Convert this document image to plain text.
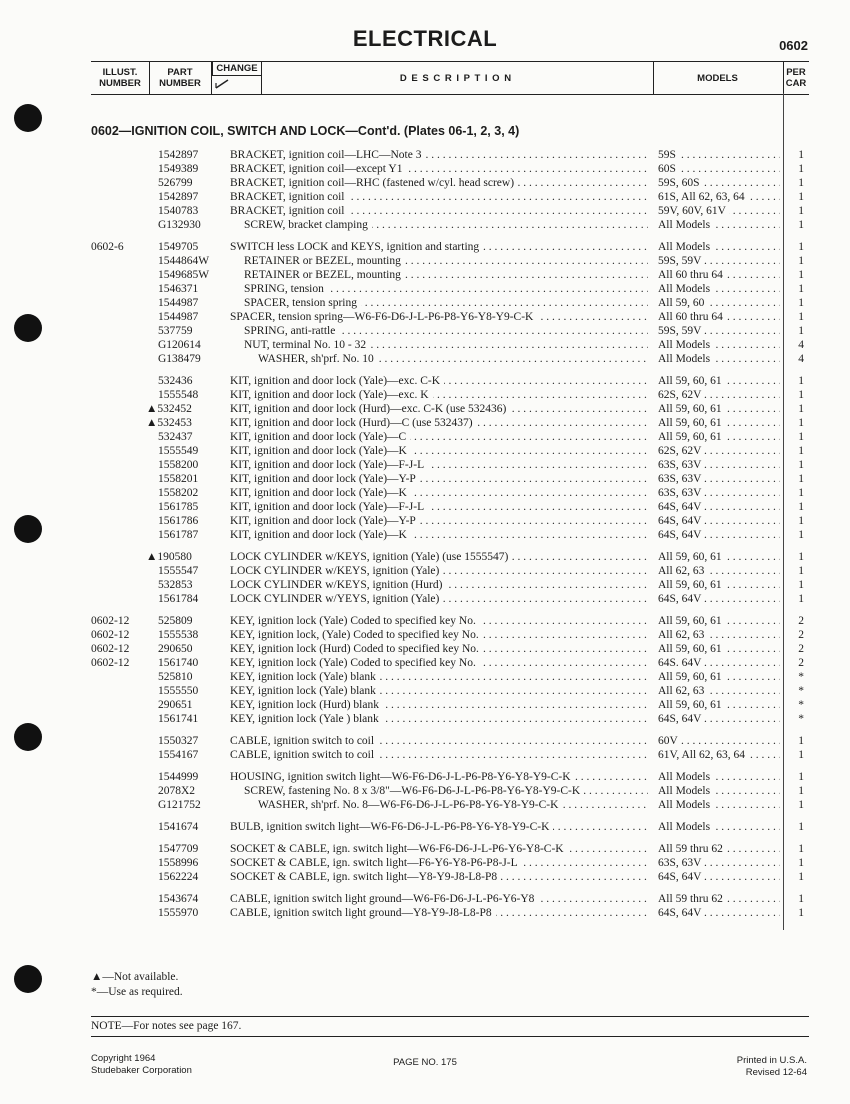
ELECTRICAL	0602
ILLUST.
NUMBER
PART
NUMBER
CHANGE
D E S C R I P T I O N	MODELS	PER
CAR
0602—IGNITION COIL, SWITCH AND LOCK—Cont'd. (Plates 06-1, 2, 3, 4)
1542897	BRACKET, ignition coil—LHC—Note 3 . . .	59S . . .	1
1549389	BRACKET, ignition coil—except Y1 . . .	60S . . .	1
526799	BRACKET, ignition coil—RHC (fastened w/cyl. head screw) . . .	59S, 60S . . .	1
1542897	BRACKET, ignition coil . . .	61S, All 62, 63, 64 . . .	1
1540783	BRACKET, ignition coil . . .	59V, 60V, 61V . . .	1
G132930	SCREW, bracket clamping . . .	All Models . . .	1
0602-6	1549705	SWITCH less LOCK and KEYS, ignition and starting . . .	All Models . . .	1
1544864W	RETAINER or BEZEL, mounting . . .	59S, 59V . . .	1
1549685W	RETAINER or BEZEL, mounting . . .	All 60 thru 64 . . .	1
1546371	SPRING, tension . . .	All Models . . .	1
1544987	SPACER, tension spring . . .	All 59, 60 . . .	1
1544987	SPACER, tension spring—W6-F6-D6-J-L-P6-P8-Y6-Y8-Y9-C-K . . .	All 60 thru 64 . . .	1
537759	SPRING, anti-rattle . . .	59S, 59V . . .	1
G120614	NUT, terminal No. 10 - 32 . . .	All Models . . .	4
G138479	WASHER, sh'prf. No. 10 . . .	All Models . . .	4
532436	KIT, ignition and door lock (Yale)—exc. C-K . . .	All 59, 60, 61 . . .	1
1555548	KIT, ignition and door lock (Yale)—exc. K . . .	62S, 62V . . .	1
▲532452	KIT, ignition and door lock (Hurd)—exc. C-K (use 532436) . . .	All 59, 60, 61 . . .	1
▲532453	KIT, ignition and door lock (Hurd)—C (use 532437) . . .	All 59, 60, 61 . . .	1
532437	KIT, ignition and door lock (Yale)—C . . .	All 59, 60, 61 . . .	1
1555549	KIT, ignition and door lock (Yale)—K . . .	62S, 62V . . .	1
1558200	KIT, ignition and door lock (Yale)—F-J-L . . .	63S, 63V . . .	1
1558201	KIT, ignition and door lock (Yale)—Y-P . . .	63S, 63V . . .	1
1558202	KIT, ignition and door lock (Yale)—K . . .	63S, 63V . . .	1
1561785	KIT, ignition and door lock (Yale)—F-J-L . . .	64S, 64V . . .	1
1561786	KIT, ignition and door lock (Yale)—Y-P . . .	64S, 64V . . .	1
1561787	KIT, ignition and door lock (Yale)—K . . .	64S, 64V . . .	1
▲190580	LOCK CYLINDER w/KEYS, ignition (Yale) (use 1555547) . . .	All 59, 60, 61 . . .	1
1555547	LOCK CYLINDER w/KEYS, ignition (Yale) . . .	All 62, 63 . . .	1
532853	LOCK CYLINDER w/KEYS, ignition (Hurd) . . .	All 59, 60, 61 . . .	1
1561784	LOCK CYLINDER w/YEYS, ignition (Yale) . . .	64S, 64V . . .	1
0602-12 525809	KEY, ignition lock (Yale) Coded to specified key No. . . .	All 59, 60, 61 . . .	2
0602-12 1555538	KEY, ignition lock, (Yale) Coded to specified key No. . . .	All 62, 63 . . .	2
0602-12 290650	KEY, ignition lock (Hurd) Coded to specified key No. . . .	All 59, 60, 61 . . .	2
0602-12 1561740	KEY, ignition lock (Yale) Coded to specified key No. . . .	64S. 64V . . .	2
525810	KEY, ignition lock (Yale) blank . . .	All 59, 60, 61 . . .	*
1555550	KEY, ignition lock (Yale) blank . . .	All 62, 63 . . .	*
290651	KEY, ignition lock (Hurd) blank . . .	All 59, 60, 61 . . .	*
1561741	KEY, ignition lock (Yale ) blank . . .	64S, 64V . . .	*
1550327	CABLE, ignition switch to coil . . .	60V . . .	1
1554167	CABLE, ignition switch to coil . . .	61V, All 62, 63, 64 . . .	1
1544999	HOUSING, ignition switch light—W6-F6-D6-J-L-P6-P8-Y6-Y8-Y9-C-K . . .	All Models . . .	1
2078X2	SCREW, fastening No. 8 x 3/8"—W6-F6-D6-J-L-P6-P8-Y6-Y8-Y9-C-K . . .	All Models . . .	1
G121752	WASHER, sh'prf. No. 8—W6-F6-D6-J-L-P6-P8-Y6-Y8-Y9-C-K . . .	All Models . . .	1
1541674	BULB, ignition switch light—W6-F6-D6-J-L-P6-P8-Y6-Y8-Y9-C-K . . .	All Models . . .	1
1547709	SOCKET & CABLE, ign. switch light—W6-F6-D6-J-L-P6-Y6-Y8-C-K . . .	All 59 thru 62 . . .	1
1558996	SOCKET & CABLE, ign. switch light—F6-Y6-Y8-P6-P8-J-L . . .	63S, 63V . . .	1
1562224	SOCKET & CABLE, ign. switch light—Y8-Y9-J8-L8-P8 . . .	64S, 64V . . .	1
1543674	CABLE, ignition switch light ground—W6-F6-D6-J-L-P6-Y6-Y8 . . .	All 59 thru 62 . . .	1
1555970	CABLE, ignition switch light ground—Y8-Y9-J8-L8-P8 . . .	64S, 64V . . .	1
▲—Not available.
*—Use as required.
NOTE—For notes see page 167.
Copyright 1964
Studebaker Corporation
PAGE NO. 175	Printed in U.S.A.
Revised 12-64
